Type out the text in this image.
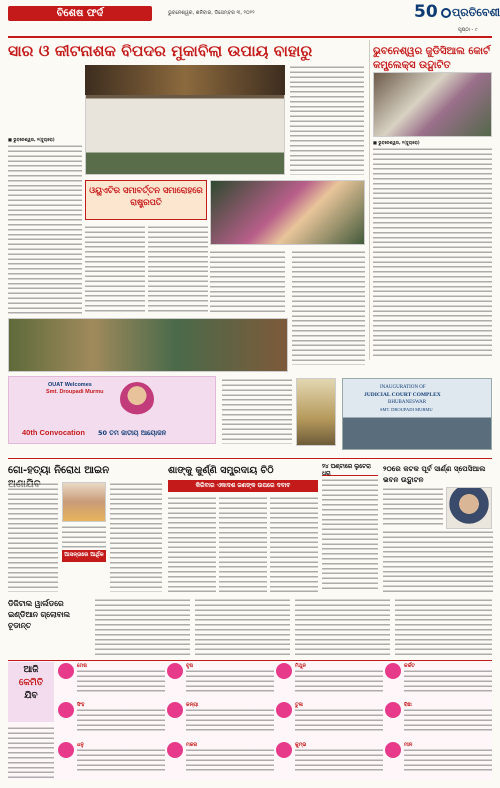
ବିଶେଷ ଫର୍ଦ	ଭୁବନେଶ୍ୱର, ଶନିବାର, ଡିସେମ୍ବର ୩, ୨୦୨୨	50 ପ୍ରତିବେଶୀ
ପୃଷ୍ଠା - ୯
ସାର ଓ କୀଟନାଶକ ବିପଦର ମୁକାବିଲା ଉପାୟ ବାହାରୁ
■ ଭୁବନେଶ୍ୱର, ୨(ବ୍ୟୁରୋ)
ଓୟୁଏଟିର ସମାବର୍ତ୍ତନ ସମାରୋହରେ ରାଷ୍ଟ୍ରପତି
ଭୁବନେଶ୍ୱର ଜୁଡିସିଆଲ କୋର୍ଟ କମ୍ପ୍ଲେକ୍ସ ଉଦ୍ଘାଟିତ
■ ଭୁବନେଶ୍ୱର, ୨(ବ୍ୟୁରୋ)
OUAT Welcomes
Smt. Droupadi Murmu
40th Convocation 50 ତମ ଜାତୀୟ ଆୟୋଜନ
INAUGURATION OF
JUDICIAL COURT COMPLEX
BHUBANESWAR
SMT. DROUPADI MURMU
ଗୋ-ହତ୍ୟା ନିରୋଧ ଆଇନ
ଆସନ୍ତାରେ ଆର୍ଥିକ
ଶାଙ୍କୁ କୁର୍ଣ୍ଣି ସମ୍ପ୍ରଦାୟ ଚିଠି
କିରିବାର ଏକାଦଶ ଜଣଙ୍କ ଉପରେ ଦବାବ
୨୪ ଘଣ୍ଟାରେ ଲୁଟେରା ଧରା
୨୦ରେ କଟକ ପୂର୍ବ ସାର୍ଣ୍ଣ ସ୍ପେସିଆଲ ଭବନ ଉଦ୍ଘାଟନ
ଡିଜିଟାଲ ୱାର୍ଲଡରେ ଇଣ୍ଡିଆନ ଗ୍ଲୋବାଲ ଚୂଡାନ୍ତ
ଆଜି
କେମିତି
ଯିବ
ମେଷ	ବୃଷ	ମିଥୁନ	କର୍କଟ
ସିଂହ	କନ୍ୟା	ତୁଳା	ବିଛା
ଧନୁ	ମକର	କୁମ୍ଭ	ମୀନ
